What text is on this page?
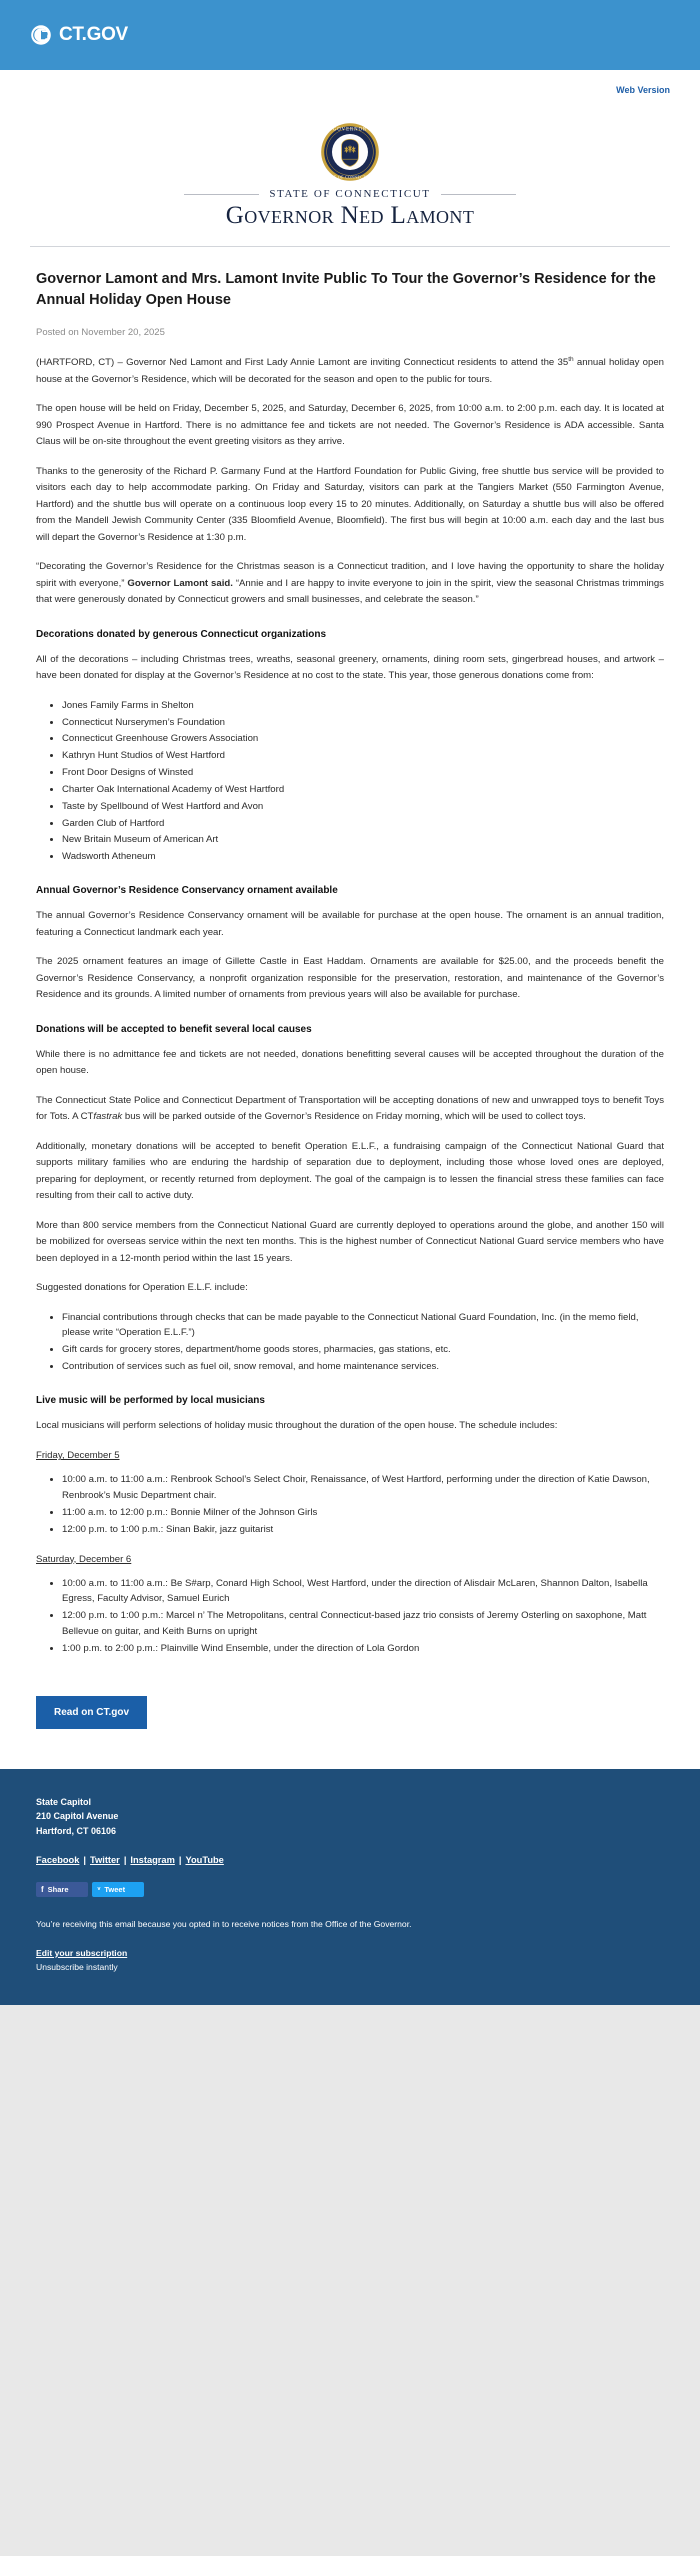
CT.GOV
Web Version
GOVERNOR
STATE OF CONNECTICUT
STATE OF CONNECTICUT
Governor Ned Lamont
Governor Lamont and Mrs. Lamont Invite Public To Tour the Governor’s Residence for the Annual Holiday Open House
Posted on November 20, 2025

(HARTFORD, CT) – Governor Ned Lamont and First Lady Annie Lamont are inviting Connecticut residents to attend the 35th annual holiday open house at the Governor’s Residence, which will be decorated for the season and open to the public for tours.

The open house will be held on Friday, December 5, 2025, and Saturday, December 6, 2025, from 10:00 a.m. to 2:00 p.m. each day. It is located at 990 Prospect Avenue in Hartford. There is no admittance fee and tickets are not needed. The Governor’s Residence is ADA accessible. Santa Claus will be on-site throughout the event greeting visitors as they arrive.

Thanks to the generosity of the Richard P. Garmany Fund at the Hartford Foundation for Public Giving, free shuttle bus service will be provided to visitors each day to help accommodate parking. On Friday and Saturday, visitors can park at the Tangiers Market (550 Farmington Avenue, Hartford) and the shuttle bus will operate on a continuous loop every 15 to 20 minutes. Additionally, on Saturday a shuttle bus will also be offered from the Mandell Jewish Community Center (335 Bloomfield Avenue, Bloomfield). The first bus will begin at 10:00 a.m. each day and the last bus will depart the Governor’s Residence at 1:30 p.m.

“Decorating the Governor’s Residence for the Christmas season is a Connecticut tradition, and I love having the opportunity to share the holiday spirit with everyone,” Governor Lamont said. “Annie and I are happy to invite everyone to join in the spirit, view the seasonal Christmas trimmings that were generously donated by Connecticut growers and small businesses, and celebrate the season.”

Decorations donated by generous Connecticut organizations

All of the decorations – including Christmas trees, wreaths, seasonal greenery, ornaments, dining room sets, gingerbread houses, and artwork – have been donated for display at the Governor’s Residence at no cost to the state. This year, those generous donations come from:

• Jones Family Farms in Shelton
• Connecticut Nurserymen’s Foundation
• Connecticut Greenhouse Growers Association
• Kathryn Hunt Studios of West Hartford
• Front Door Designs of Winsted
• Charter Oak International Academy of West Hartford
• Taste by Spellbound of West Hartford and Avon
• Garden Club of Hartford
• New Britain Museum of American Art
• Wadsworth Atheneum
Annual Governor’s Residence Conservancy ornament available

The annual Governor’s Residence Conservancy ornament will be available for purchase at the open house. The ornament is an annual tradition, featuring a Connecticut landmark each year.

The 2025 ornament features an image of Gillette Castle in East Haddam. Ornaments are available for $25.00, and the proceeds benefit the Governor’s Residence Conservancy, a nonprofit organization responsible for the preservation, restoration, and maintenance of the Governor’s Residence and its grounds. A limited number of ornaments from previous years will also be available for purchase.

Donations will be accepted to benefit several local causes

While there is no admittance fee and tickets are not needed, donations benefitting several causes will be accepted throughout the duration of the open house.

The Connecticut State Police and Connecticut Department of Transportation will be accepting donations of new and unwrapped toys to benefit Toys for Tots. A CTfastrak bus will be parked outside of the Governor’s Residence on Friday morning, which will be used to collect toys.

Additionally, monetary donations will be accepted to benefit Operation E.L.F., a fundraising campaign of the Connecticut National Guard that supports military families who are enduring the hardship of separation due to deployment, including those whose loved ones are deployed, preparing for deployment, or recently returned from deployment. The goal of the campaign is to lessen the financial stress these families can face resulting from their call to active duty.

More than 800 service members from the Connecticut National Guard are currently deployed to operations around the globe, and another 150 will be mobilized for overseas service within the next ten months. This is the highest number of Connecticut National Guard service members who have been deployed in a 12-month period within the last 15 years.

Suggested donations for Operation E.L.F. include:

• Financial contributions through checks that can be made payable to the Connecticut National Guard Foundation, Inc. (in the memo field, please write “Operation E.L.F.”)
• Gift cards for grocery stores, department/home goods stores, pharmacies, gas stations, etc.
• Contribution of services such as fuel oil, snow removal, and home maintenance services.
Live music will be performed by local musicians

Local musicians will perform selections of holiday music throughout the duration of the open house. The schedule includes:

Friday, December 5
• 10:00 a.m. to 11:00 a.m.: Renbrook School’s Select Choir, Renaissance, of West Hartford, performing under the direction of Katie Dawson, Renbrook’s Music Department chair.
• 11:00 a.m. to 12:00 p.m.: Bonnie Milner of the Johnson Girls
• 12:00 p.m. to 1:00 p.m.: Sinan Bakir, jazz guitarist
Saturday, December 6
• 10:00 a.m. to 11:00 a.m.: Be S#arp, Conard High School, West Hartford, under the direction of Alisdair McLaren, Shannon Dalton, Isabella Egress, Faculty Advisor, Samuel Eurich
• 12:00 p.m. to 1:00 p.m.: Marcel n’ The Metropolitans, central Connecticut-based jazz trio consists of Jeremy Osterling on saxophone, Matt Bellevue on guitar, and Keith Burns on upright
• 1:00 p.m. to 2:00 p.m.: Plainville Wind Ensemble, under the direction of Lola Gordon
Read on CT.gov
State Capitol
210 Capitol Avenue
Hartford, CT 06106
Facebook | Twitter | Instagram | YouTube
f Share
	ᵛ Tweet
You’re receiving this email because you opted in to receive notices from the Office of the Governor.
Edit your subscription
Unsubscribe instantly
